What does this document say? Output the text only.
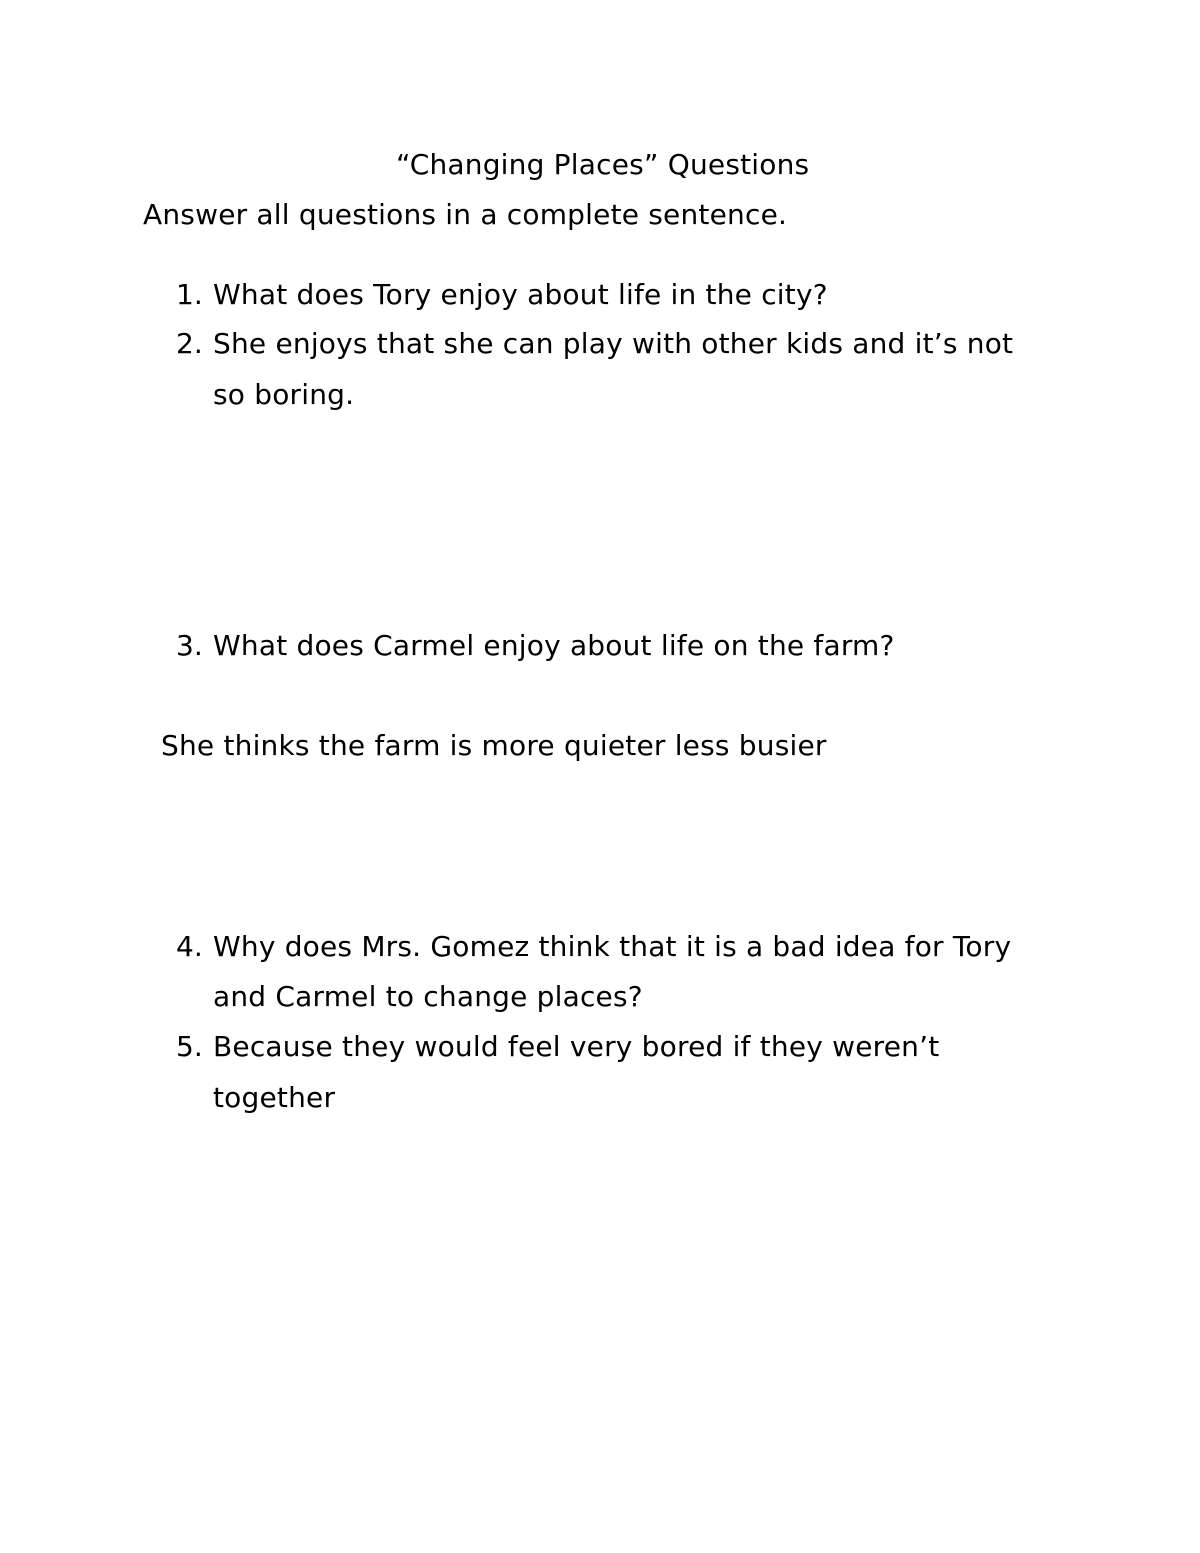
“Changing Places” Questions
Answer all questions in a complete sentence.
1. What does Tory enjoy about life in the city?
2. She enjoys that she can play with other kids and it’s not
so boring.
3. What does Carmel enjoy about life on the farm?
She thinks the farm is more quieter less busier
4. Why does Mrs. Gomez think that it is a bad idea for Tory
and Carmel to change places?
5. Because they would feel very bored if they weren’t
together
